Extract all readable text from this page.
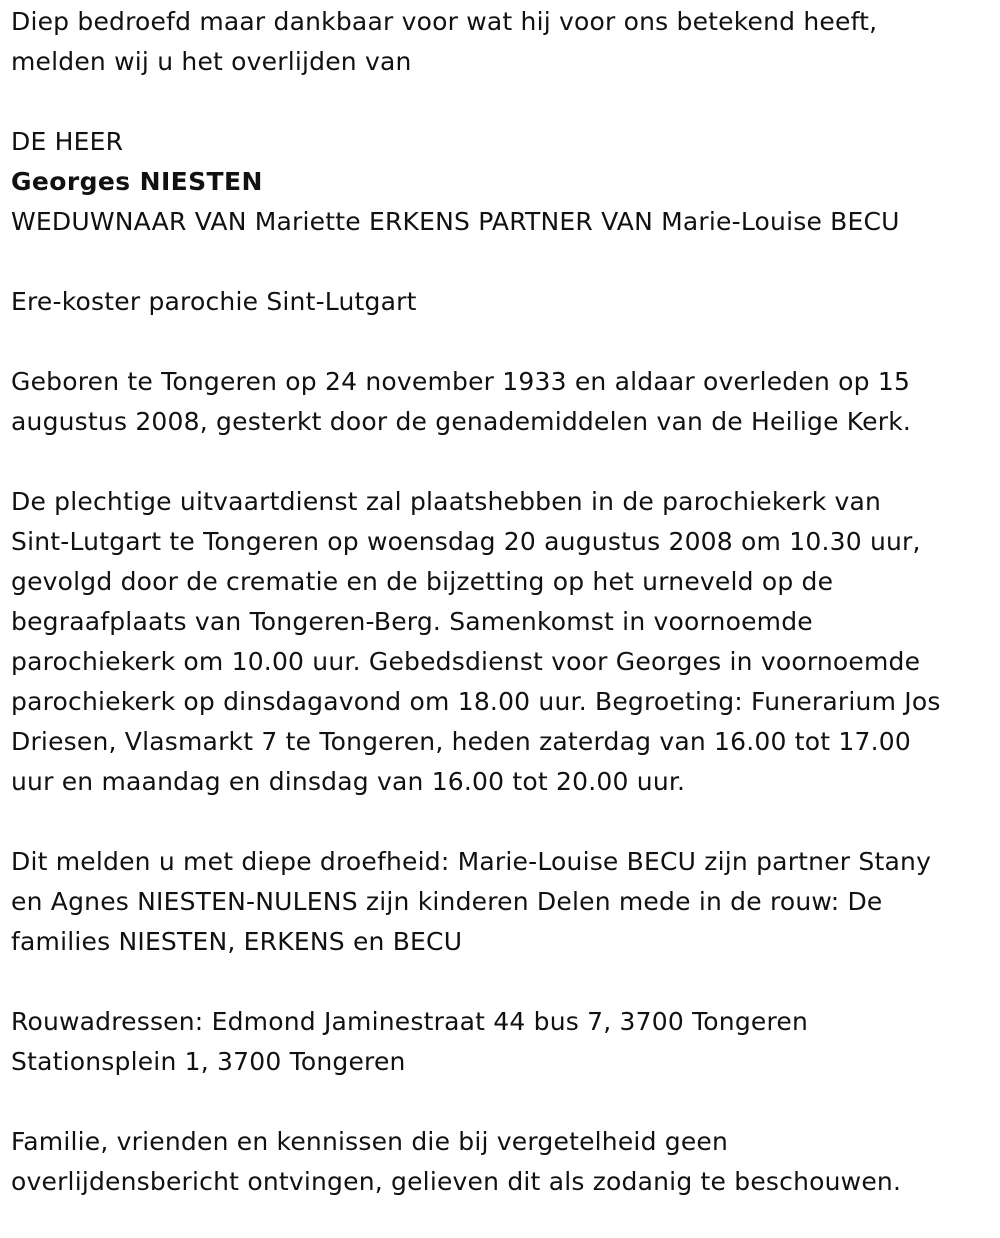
Diep bedroefd maar dankbaar voor wat hij voor ons betekend heeft,
melden wij u het overlijden van

DE HEER

Georges NIESTEN

WEDUWNAAR VAN Mariette ERKENS PARTNER VAN Marie-Louise BECU

Ere-koster parochie Sint-Lutgart

Geboren te Tongeren op 24 november 1933 en aldaar overleden op 15
augustus 2008, gesterkt door de genademiddelen van de Heilige Kerk.

De plechtige uitvaartdienst zal plaatshebben in de parochiekerk van
Sint-Lutgart te Tongeren op woensdag 20 augustus 2008 om 10.30 uur,
gevolgd door de crematie en de bijzetting op het urneveld op de
begraafplaats van Tongeren-Berg. Samenkomst in voornoemde
parochiekerk om 10.00 uur. Gebedsdienst voor Georges in voornoemde
parochiekerk op dinsdagavond om 18.00 uur. Begroeting: Funerarium Jos
Driesen, Vlasmarkt 7 te Tongeren, heden zaterdag van 16.00 tot 17.00
uur en maandag en dinsdag van 16.00 tot 20.00 uur.

Dit melden u met diepe droefheid: Marie-Louise BECU zijn partner Stany
en Agnes NIESTEN-NULENS zijn kinderen Delen mede in de rouw: De
families NIESTEN, ERKENS en BECU

Rouwadressen: Edmond Jaminestraat 44 bus 7, 3700 Tongeren
Stationsplein 1, 3700 Tongeren

Familie, vrienden en kennissen die bij vergetelheid geen
overlijdensbericht ontvingen, gelieven dit als zodanig te beschouwen.
